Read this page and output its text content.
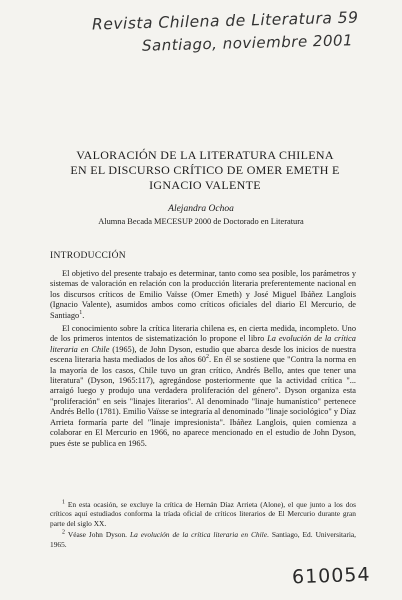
Revista Chilena de Literatura 59
Santiago, noviembre 2001
VALORACIÓN DE LA LITERATURA CHILENA
EN EL DISCURSO CRÍTICO DE OMER EMETH E
IGNACIO VALENTE
Alejandra Ochoa
Alumna Becada MECESUP 2000 de Doctorado en Literatura
INTRODUCCIÓN

El objetivo del presente trabajo es determinar, tanto como sea posible, los parámetros y sistemas de valoración en relación con la producción literaria preferentemente nacional en los discursos críticos de Emilio Vaïsse (Omer Emeth) y José Miguel Ibáñez Langlois (Ignacio Valente), asumidos ambos como críticos oficiales del diario El Mercurio, de Santiago$^1$.

El conocimiento sobre la crítica literaria chilena es, en cierta medida, incompleto. Uno de los primeros intentos de sistematización lo propone el libro La evolución de la crítica literaria en Chile (1965), de John Dyson, estudio que abarca desde los inicios de nuestra escena literaria hasta mediados de los años $60^2$. En él se sostiene que "Contra la norma en la mayoría de los casos, Chile tuvo un gran crítico, Andrés Bello, antes que tener una literatura" (Dyson, 1965:117), agregándose posteriormente que la actividad crítica "... arraigó luego y produjo una verdadera proliferación del género". Dyson organiza esta "proliferación" en seis "linajes literarios". Al denominado "linaje humanístico" pertenece Andrés Bello (1781). Emilio Vaïsse se integraría al denominado "linaje sociológico" y Díaz Arrieta formaría parte del "linaje impresionista". Ibáñez Langlois, quien comienza a colaborar en El Mercurio en 1966, no aparece mencionado en el estudio de John Dyson, pues éste se publica en 1965.

$^1$ En esta ocasión, se excluye la crítica de Hernán Díaz Arrieta (Alone), el que junto a los dos críticos aquí estudiados conforma la tríada oficial de críticos literarios de El Mercurio durante gran parte del siglo XX.

$^2$ Véase John Dyson. La evolución de la crítica literaria en Chile. Santiago, Ed. Universitaria, 1965.

610054
